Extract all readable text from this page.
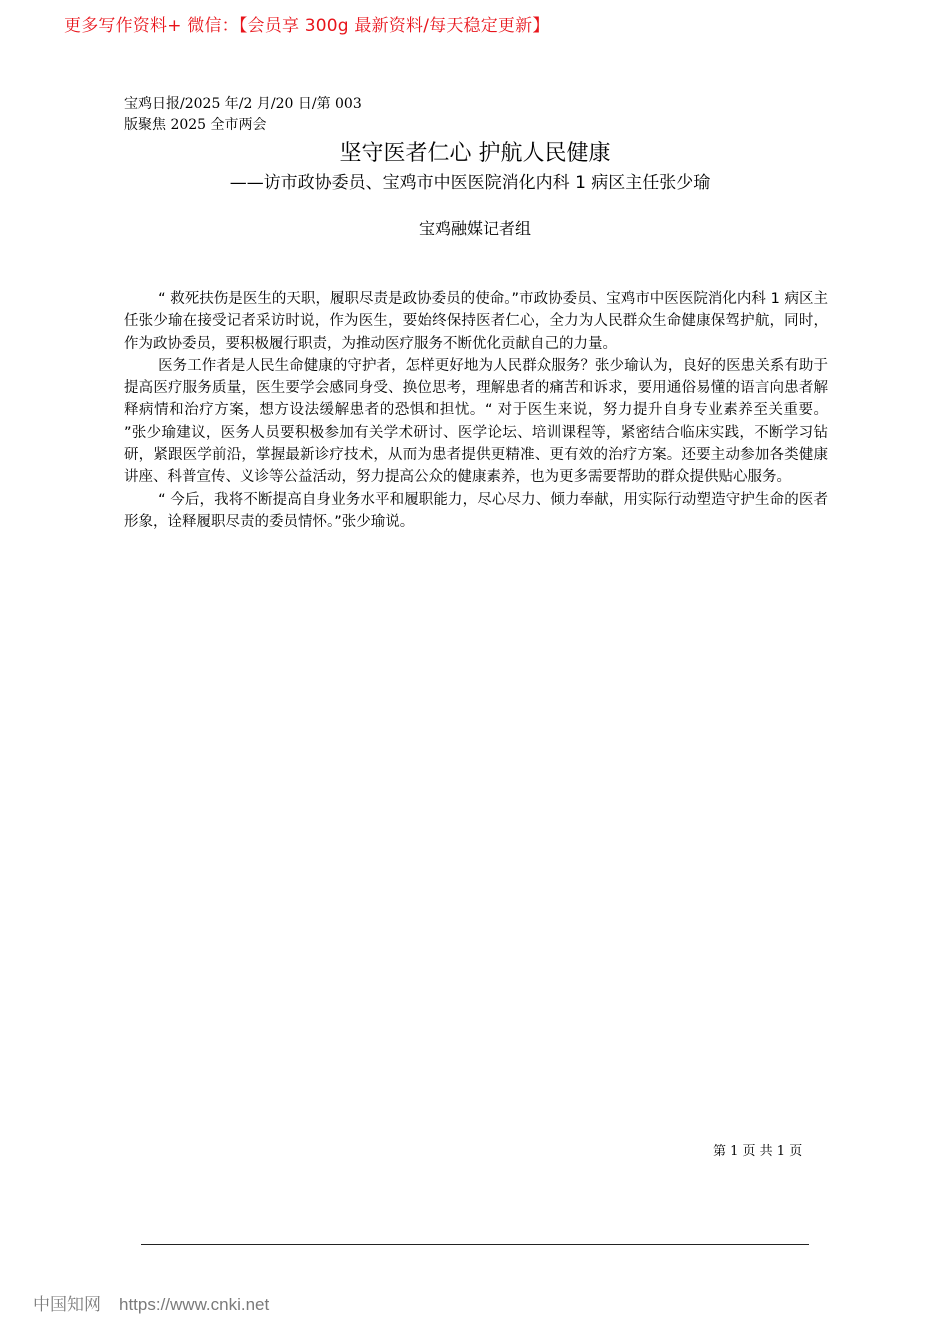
更多写作资料+ 微信：【会员享 300g 最新资料/每天稳定更新】
宝鸡日报/2025 年/2 月/20 日/第 003
版聚焦 2025 全市两会
坚守医者仁心 护航人民健康
——访市政协委员、宝鸡市中医医院消化内科 1 病区主任张少瑜
宝鸡融媒记者组

“ 救死扶伤是医生的天职，履职尽责是政协委员的使命。”市政协委员、宝鸡市中医医院消化内科 1 病区主任张少瑜在接受记者采访时说，作为医生，要始终保持医者仁心，全力为人民群众生命健康保驾护航，同时，作为政协委员，要积极履行职责，为推动医疗服务不断优化贡献自己的力量。

医务工作者是人民生命健康的守护者，怎样更好地为人民群众服务？张少瑜认为，良好的医患关系有助于提高医疗服务质量，医生要学会感同身受、换位思考，理解患者的痛苦和诉求，要用通俗易懂的语言向患者解释病情和治疗方案，想方设法缓解患者的恐惧和担忧。“ 对于医生来说，努力提升自身专业素养至关重要。 ”张少瑜建议，医务人员要积极参加有关学术研讨、医学论坛、培训课程等，紧密结合临床实践，不断学习钻研，紧跟医学前沿，掌握最新诊疗技术，从而为患者提供更精准、更有效的治疗方案。还要主动参加各类健康讲座、科普宣传、义诊等公益活动，努力提高公众的健康素养，也为更多需要帮助的群众提供贴心服务。

“ 今后，我将不断提高自身业务水平和履职能力，尽心尽力、倾力奉献，用实际行动塑造守护生命的医者形象，诠释履职尽责的委员情怀。”张少瑜说。

第 1 页 共 1 页
中国知网 https://www.cnki.net
